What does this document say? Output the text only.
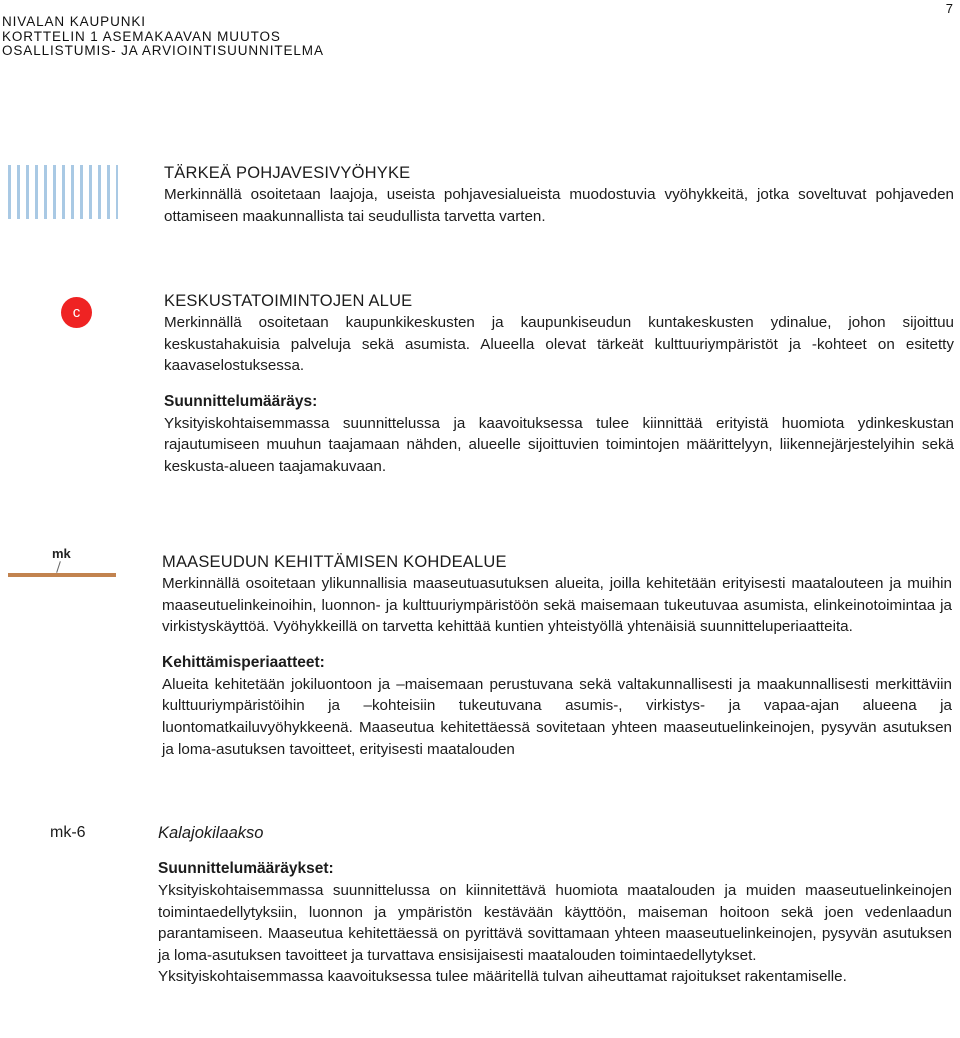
NIVALAN KAUPUNKI
KORTTELIN 1 ASEMAKAAVAN MUUTOS
OSALLISTUMIS- JA ARVIOINTISUUNNITELMA
7
TÄRKEÄ POHJAVESIVYÖHYKE
Merkinnällä osoitetaan laajoja, useista pohjavesialueista muodostuvia vyöhykkeitä, jotka soveltuvat pohjaveden ottamiseen maakunnallista tai seudullista tarvetta varten.
c
KESKUSTATOIMINTOJEN ALUE
Merkinnällä osoitetaan kaupunkikeskusten ja kaupunkiseudun kuntakeskusten ydinalue, johon sijoittuu keskustahakuisia palveluja sekä asumista. Alueella olevat tärkeät kulttuuriympäristöt ja -kohteet on esitetty kaavaselostuksessa.
Suunnittelumääräys:
Yksityiskohtaisemmassa suunnittelussa ja kaavoituksessa tulee kiinnittää erityistä huomiota ydinkeskustan rajautumiseen muuhun taajamaan nähden, alueelle sijoittuvien toimintojen määrittelyyn, liikennejärjestelyihin sekä keskusta-alueen taajamakuvaan.
mk	MAASEUDUN KEHITTÄMISEN KOHDEALUE
Merkinnällä osoitetaan ylikunnallisia maaseutuasutuksen alueita, joilla kehitetään erityisesti maatalouteen ja muihin maaseutuelinkeinoihin, luonnon- ja kulttuuriympäristöön sekä maisemaan tukeutuvaa asumista, elinkeinotoimintaa ja virkistyskäyttöä. Vyöhykkeillä on tarvetta kehittää kuntien yhteistyöllä yhtenäisiä suunnitteluperiaatteita.
Kehittämisperiaatteet:
Alueita kehitetään jokiluontoon ja –maisemaan perustuvana sekä valtakunnallisesti ja maakunnallisesti merkittäviin kulttuuriympäristöihin ja –kohteisiin tukeutuvana asumis-, virkistys- ja vapaa-ajan alueena ja luontomatkailuvyöhykkeenä. Maaseutua kehitettäessä sovitetaan yhteen maaseutuelinkeinojen, pysyvän asutuksen ja loma-asutuksen tavoitteet, erityisesti maatalouden
mk-6	Kalajokilaakso
Suunnittelumääräykset:
Yksityiskohtaisemmassa suunnittelussa on kiinnitettävä huomiota maatalouden ja muiden maaseutuelinkeinojen toimintaedellytyksiin, luonnon ja ympäristön kestävään käyttöön, maiseman hoitoon sekä joen vedenlaadun parantamiseen. Maaseutua kehitettäessä on pyrittävä sovittamaan yhteen maaseutuelinkeinojen, pysyvän asutuksen ja loma-asutuksen tavoitteet ja turvattava ensisijaisesti maatalouden toimintaedellytykset.
Yksityiskohtaisemmassa kaavoituksessa tulee määritellä tulvan aiheuttamat rajoitukset rakentamiselle.
